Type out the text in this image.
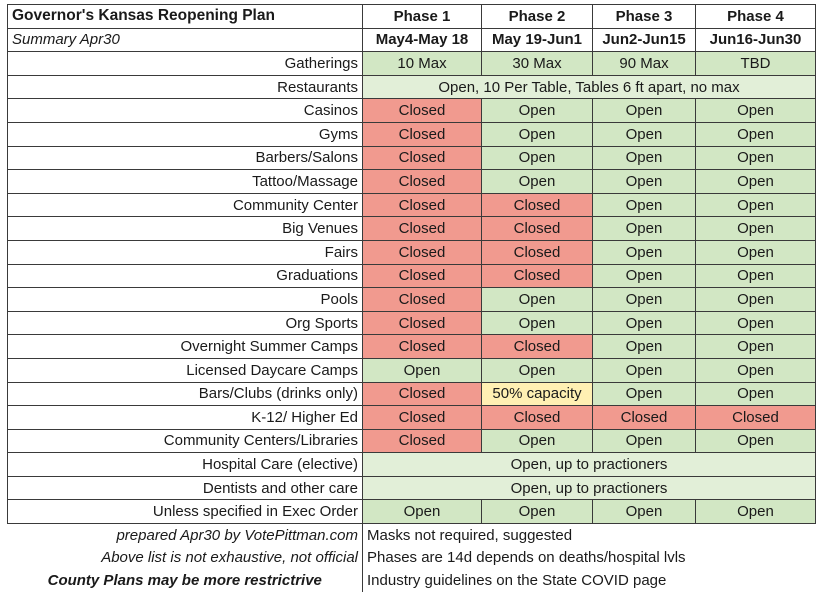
Governor's Kansas Reopening Plan	Phase 1	Phase 2	Phase 3	Phase 4
Summary Apr30	May4-May 18	May 19-Jun1	Jun2-Jun15	Jun16-Jun30
Gatherings	10 Max	30 Max	90 Max	TBD
Restaurants	Open, 10 Per Table, Tables 6 ft apart, no max			
Casinos	Closed	Open	Open	Open
Gyms	Closed	Open	Open	Open
Barbers/Salons	Closed	Open	Open	Open
Tattoo/Massage	Closed	Open	Open	Open
Community Center	Closed	Closed	Open	Open
Big Venues	Closed	Closed	Open	Open
Fairs	Closed	Closed	Open	Open
Graduations	Closed	Closed	Open	Open
Pools	Closed	Open	Open	Open
Org Sports	Closed	Open	Open	Open
Overnight Summer Camps	Closed	Closed	Open	Open
Licensed Daycare Camps	Open	Open	Open	Open
Bars/Clubs (drinks only)	Closed	50% capacity	Open	Open
K-12/ Higher Ed	Closed	Closed	Closed	Closed
Community Centers/Libraries	Closed	Open	Open	Open
Hospital Care (elective)	Open, up to practioners			
Dentists and other care	Open, up to practioners			
Unless specified in Exec Order	Open	Open	Open	Open
prepared Apr30 by VotePittman.com	Masks not required, suggested			
Above list is not exhaustive, not official	Phases are 14d depends on deaths/hospital lvls			
County Plans may be more restrictrive	Industry guidelines on the State COVID page			
